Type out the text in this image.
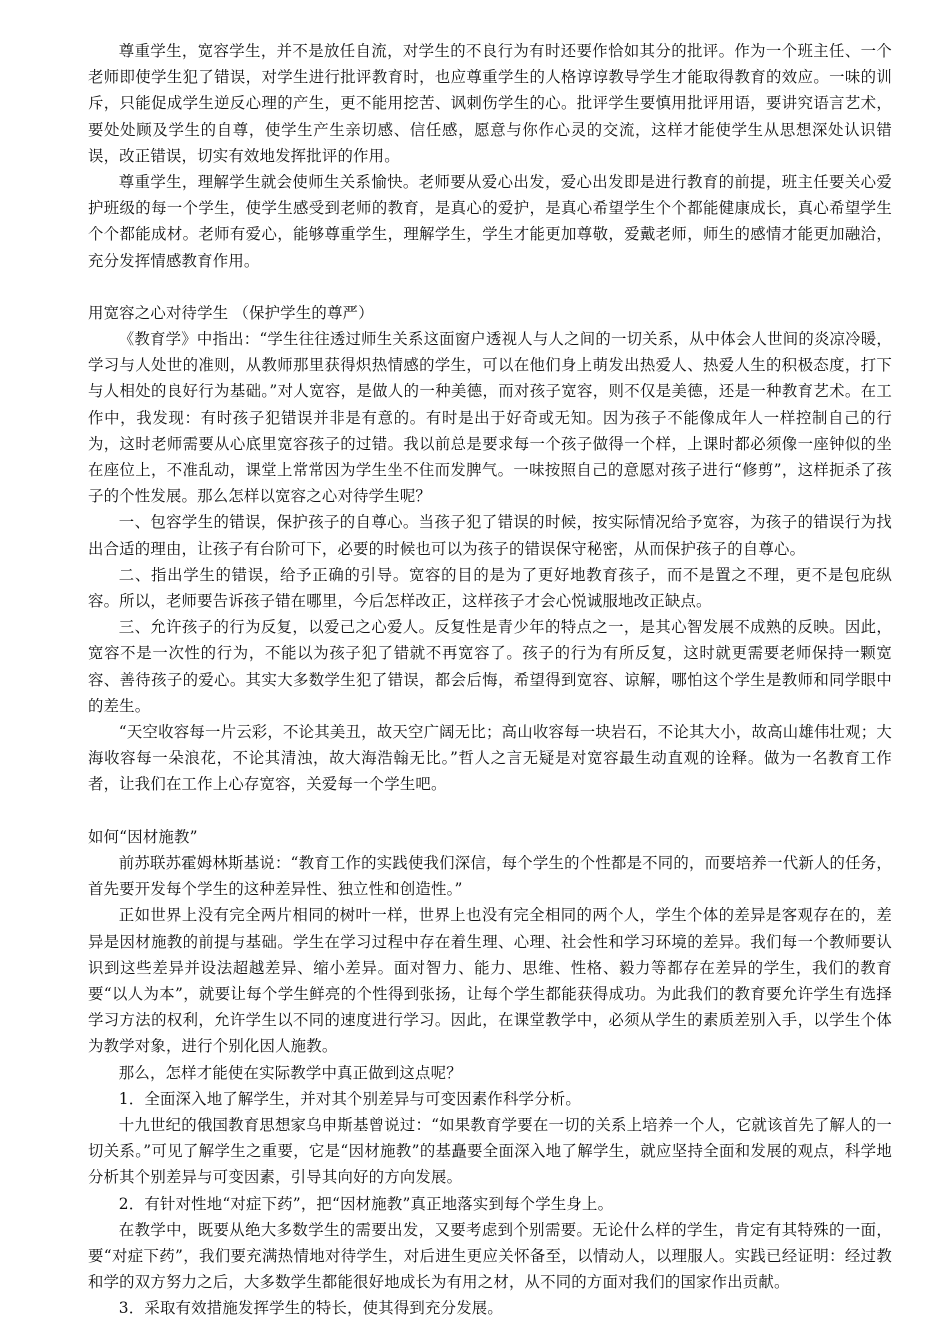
尊重学生，宽容学生，并不是放任自流，对学生的不良行为有时还要作恰如其分的批评。作为一个班主任、一个老师即使学生犯了错误，对学生进行批评教育时，也应尊重学生的人格谆谆教导学生才能取得教育的效应。一味的训斥，只能促成学生逆反心理的产生，更不能用挖苦、讽刺伤学生的心。批评学生要慎用批评用语，要讲究语言艺术，要处处顾及学生的自尊，使学生产生亲切感、信任感，愿意与你作心灵的交流，这样才能使学生从思想深处认识错误，改正错误，切实有效地发挥批评的作用。

尊重学生，理解学生就会使师生关系愉快。老师要从爱心出发，爱心出发即是进行教育的前提，班主任要关心爱护班级的每一个学生，使学生感受到老师的教育，是真心的爱护，是真心希望学生个个都能健康成长，真心希望学生个个都能成材。老师有爱心，能够尊重学生，理解学生，学生才能更加尊敬，爱戴老师，师生的感情才能更加融洽，充分发挥情感教育作用。

用宽容之心对待学生 （保护学生的尊严）

《教育学》中指出：“学生往往透过师生关系这面窗户透视人与人之间的一切关系，从中体会人世间的炎凉冷暖，学习与人处世的准则，从教师那里获得炽热情感的学生，可以在他们身上萌发出热爱人、热爱人生的积极态度，打下与人相处的良好行为基础。”对人宽容，是做人的一种美德，而对孩子宽容，则不仅是美德，还是一种教育艺术。在工作中，我发现：有时孩子犯错误并非是有意的。有时是出于好奇或无知。因为孩子不能像成年人一样控制自己的行为，这时老师需要从心底里宽容孩子的过错。我以前总是要求每一个孩子做得一个样，上课时都必须像一座钟似的坐在座位上，不准乱动，课堂上常常因为学生坐不住而发脾气。一味按照自己的意愿对孩子进行“修剪”，这样扼杀了孩子的个性发展。那么怎样以宽容之心对待学生呢？

一、包容学生的错误，保护孩子的自尊心。当孩子犯了错误的时候，按实际情况给予宽容，为孩子的错误行为找出合适的理由，让孩子有台阶可下，必要的时候也可以为孩子的错误保守秘密，从而保护孩子的自尊心。

二、指出学生的错误，给予正确的引导。宽容的目的是为了更好地教育孩子，而不是置之不理，更不是包庇纵容。所以，老师要告诉孩子错在哪里，今后怎样改正，这样孩子才会心悦诚服地改正缺点。

三、允许孩子的行为反复，以爱己之心爱人。反复性是青少年的特点之一，是其心智发展不成熟的反映。因此，宽容不是一次性的行为，不能以为孩子犯了错就不再宽容了。孩子的行为有所反复，这时就更需要老师保持一颗宽容、善待孩子的爱心。其实大多数学生犯了错误，都会后悔，希望得到宽容、谅解，哪怕这个学生是教师和同学眼中的差生。

“天空收容每一片云彩，不论其美丑，故天空广阔无比；高山收容每一块岩石，不论其大小，故高山雄伟壮观；大海收容每一朵浪花，不论其清浊，故大海浩翰无比。”哲人之言无疑是对宽容最生动直观的诠释。做为一名教育工作者，让我们在工作上心存宽容，关爱每一个学生吧。

如何“因材施教”

前苏联苏霍姆林斯基说：“教育工作的实践使我们深信，每个学生的个性都是不同的，而要培养一代新人的任务，首先要开发每个学生的这种差异性、独立性和创造性。”

正如世界上没有完全两片相同的树叶一样，世界上也没有完全相同的两个人，学生个体的差异是客观存在的，差异是因材施教的前提与基础。学生在学习过程中存在着生理、心理、社会性和学习环境的差异。我们每一个教师要认识到这些差异并设法超越差异、缩小差异。面对智力、能力、思维、性格、毅力等都存在差异的学生，我们的教育要“以人为本”，就要让每个学生鲜亮的个性得到张扬，让每个学生都能获得成功。为此我们的教育要允许学生有选择学习方法的权利，允许学生以不同的速度进行学习。因此，在课堂教学中，必须从学生的素质差别入手，以学生个体为教学对象，进行个别化因人施教。

那么，怎样才能使在实际教学中真正做到这点呢？

1．全面深入地了解学生，并对其个别差异与可变因素作科学分析。

十九世纪的俄国教育思想家乌申斯基曾说过：“如果教育学要在一切的关系上培养一个人，它就该首先了解人的一切关系。”可见了解学生之重要，它是“因材施教”的基矗要全面深入地了解学生，就应坚持全面和发展的观点，科学地分析其个别差异与可变因素，引导其向好的方向发展。

2．有针对性地“对症下药”，把“因材施教”真正地落实到每个学生身上。

在教学中，既要从绝大多数学生的需要出发，又要考虑到个别需要。无论什么样的学生，肯定有其特殊的一面，要“对症下药”，我们要充满热情地对待学生，对后进生更应关怀备至，以情动人，以理服人。实践已经证明：经过教和学的双方努力之后，大多数学生都能很好地成长为有用之材，从不同的方面对我们的国家作出贡献。

3．采取有效措施发挥学生的特长，使其得到充分发展。
